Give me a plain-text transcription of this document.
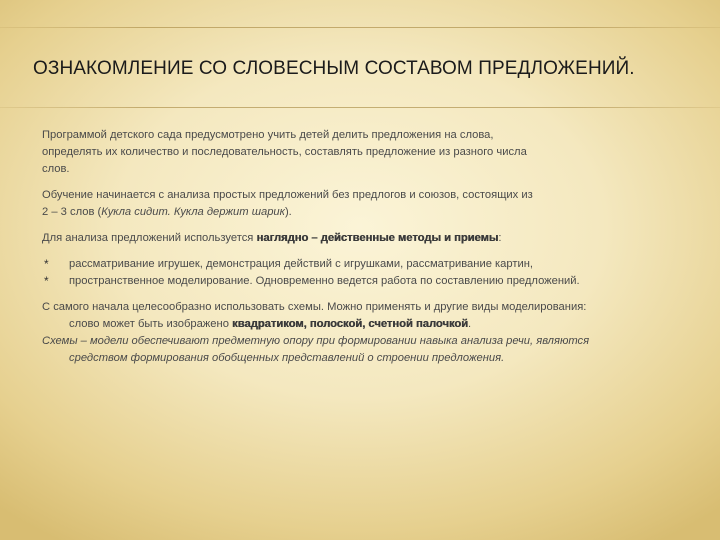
ОЗНАКОМЛЕНИЕ СО СЛОВЕСНЫМ СОСТАВОМ ПРЕДЛОЖЕНИЙ.

Программой детского сада предусмотрено учить детей делить предложения на слова,
определять их количество и последовательность, составлять предложение из разного числа
слов.

Обучение начинается с анализа простых предложений без предлогов и союзов, состоящих из
2 – 3 слов (Кукла сидит. Кукла держит шарик).

Для анализа предложений используется наглядно – действенные методы и приемы:

* рассматривание игрушек, демонстрация действий с игрушками, рассматривание картин,
* пространственное моделирование. Одновременно ведется работа по составлению предложений.
С самого начала целесообразно использовать схемы. Можно применять и другие виды моделирования:
слово может быть изображено квадратиком, полоской, счетной палочкой.
Схемы – модели обеспечивают предметную опору при формировании навыка анализа речи, являются
средством формирования обобщенных представлений о строении предложения.
